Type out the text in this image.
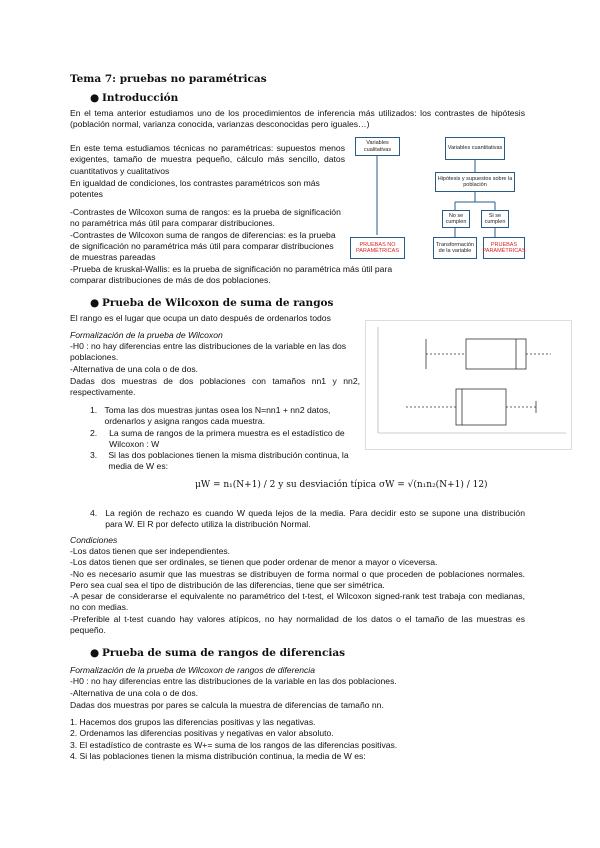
Tema 7: pruebas no paramétricas
● Introducción

En el tema anterior estudiamos uno de los procedimientos de inferencia más utilizados: los contrastes de hipótesis (población normal, varianza conocida, varianzas desconocidas pero iguales…)

En este tema estudiamos técnicas no paramétricas: supuestos menos exigentes, tamaño de muestra pequeño, cálculo más sencillo, datos cuantitativos y cualitativos

En igualdad de condiciones, los contrastes paramétricos son más potentes

-Contrastes de Wilcoxon suma de rangos: es la prueba de significación no paramétrica más útil para comparar distribuciones.

-Contrastes de Wilcoxon suma de rangos de diferencias: es la prueba de significación no paramétrica más útil para comparar distribuciones de muestras pareadas

-Prueba de kruskal-Wallis: es la prueba de significación no paramétrica más útil para comparar distribuciones de más de dos poblaciones.

Variables cualitativas	Variables cuantitativas
Hipótesis y supuestos sobre la población
No se cumplen
Si se cumplen
PRUEBAS NO PARAMÉTRICAS
Transformación de la variable
PRUEBAS PARAMÉTRICAS
● Prueba de Wilcoxon de suma de rangos

El rango es el lugar que ocupa un dato después de ordenarlos todos

Formalización de la prueba de Wilcoxon

-H0 : no hay diferencias entre las distribuciones de la variable en las dos poblaciones.

-Alternativa de una cola o de dos.

Dadas dos muestras de dos poblaciones con tamaños nn1 y nn2, respectivamente.

1. Toma las dos muestras juntas osea los N=nn1 + nn2 datos, ordenarlos y asigna rangos cada muestra.
2.	La suma de rangos de la primera muestra es el estadístico de Wilcoxon : W
3.	Si las dos poblaciones tienen la misma distribución continua, la media de W es:
μW = n₁(N+1) / 2 y su desviación típica σW = √(n₁n₂(N+1) / 12)
4. La región de rechazo es cuando W queda lejos de la media. Para decidir esto se supone una distribución para W. El R por defecto utiliza la distribución Normal.

Condiciones

-Los datos tienen que ser independientes.

-Los datos tienen que ser ordinales, se tienen que poder ordenar de menor a mayor o viceversa.

-No es necesario asumir que las muestras se distribuyen de forma normal o que proceden de poblaciones normales. Pero sea cual sea el tipo de distribución de las diferencias, tiene que ser simétrica.

-A pesar de considerarse el equivalente no paramétrico del t-test, el Wilcoxon signed-rank test trabaja con medianas, no con medias.

-Preferible al t-test cuando hay valores atípicos, no hay normalidad de los datos o el tamaño de las muestras es pequeño.

● Prueba de suma de rangos de diferencias

Formalización de la prueba de Wilcoxon de rangos de diferencia

-H0 : no hay diferencias entre las distribuciones de la variable en las dos poblaciones.

-Alternativa de una cola o de dos.

Dadas dos muestras por pares se calcula la muestra de diferencias de tamaño nn.

1. Hacemos dos grupos las diferencias positivas y las negativas.

2. Ordenamos las diferencias positivas y negativas en valor absoluto.

3. El estadístico de contraste es W+= suma de los rangos de las diferencias positivas.

4. Si las poblaciones tienen la misma distribución continua, la media de W es:
